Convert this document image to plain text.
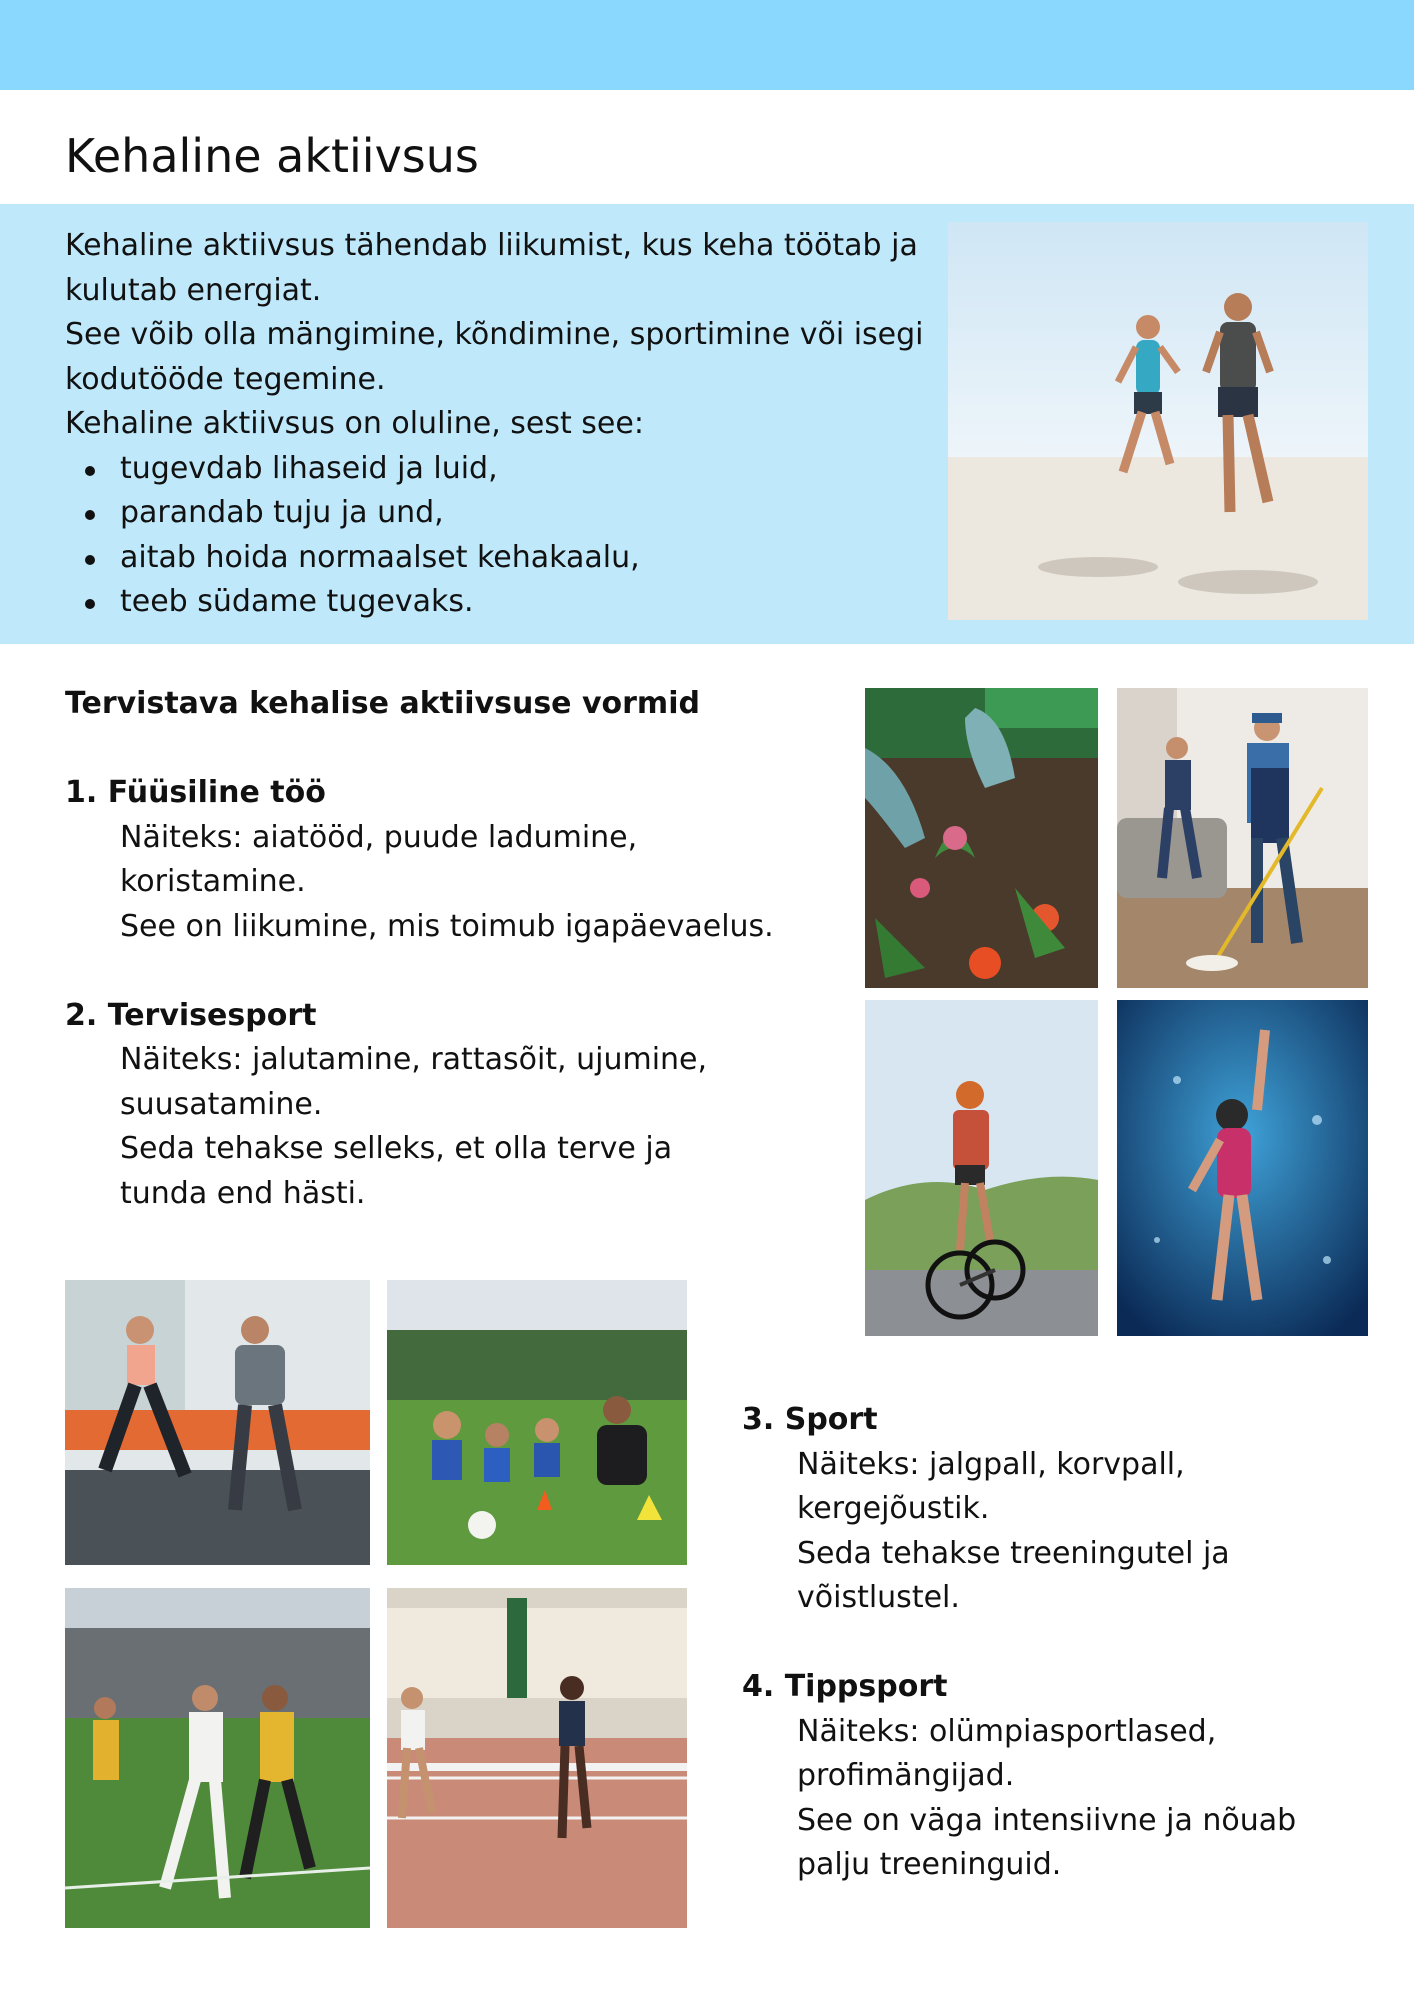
Kehaline aktiivsus

Kehaline aktiivsus tähendab liikumist, kus keha töötab ja kulutab energiat.

See võib olla mängimine, kõndimine, sportimine või isegi kodutööde tegemine.

Kehaline aktiivsus on oluline, sest see:

tugevdab lihaseid ja luid,
parandab tuju ja und,
aitab hoida normaalset kehakaalu,
teeb südame tugevaks.
Tervistava kehalise aktiivsuse vormid
1. Füüsiline töö

Näiteks: aiatööd, puude ladumine, koristamine.

See on liikumine, mis toimub igapäevaelus.

2. Tervisesport

Näiteks: jalutamine, rattasõit, ujumine, suusatamine.

Seda tehakse selleks, et olla terve ja tunda end hästi.

3. Sport

Näiteks: jalgpall, korvpall, kergejõustik.

Seda tehakse treeningutel ja võistlustel.

4. Tippsport

Näiteks: olümpiasportlased, profimängijad.

See on väga intensiivne ja nõuab palju treeninguid.
